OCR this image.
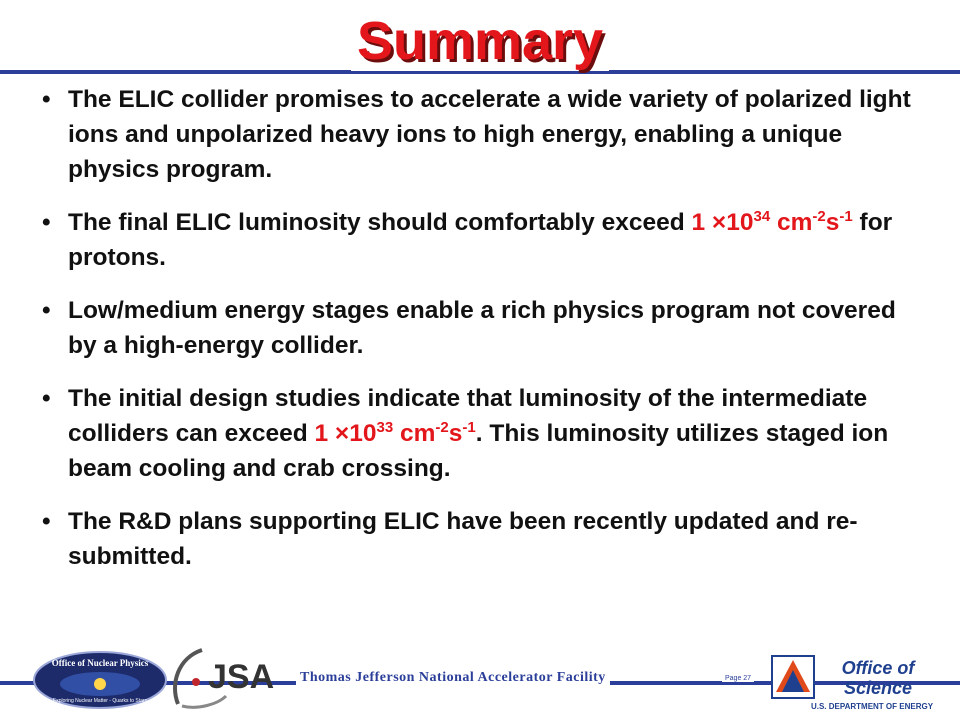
Summary
• The ELIC collider promises to accelerate a wide variety of polarized light ions and unpolarized heavy ions to high energy, enabling a unique physics program.
• The final ELIC luminosity should comfortably exceed $1 \times 10^{34}$ $cm^{-2}s^{-1}$ for protons.
• Low/medium energy stages enable a rich physics program not covered by a high-energy collider.
• The initial design studies indicate that luminosity of the intermediate colliders can exceed $1 \times 10^{33}$ $cm^{-2}s^{-1}$. This luminosity utilizes staged ion beam cooling and crab crossing.
• The R&D plans supporting ELIC have been recently updated and re-submitted.
Thomas Jefferson National Accelerator Facility	Page 27
Office of Nuclear Physics
Exploring Nuclear Matter - Quarks to Stars
JSA	Office of
Science
U.S. DEPARTMENT OF ENERGY
